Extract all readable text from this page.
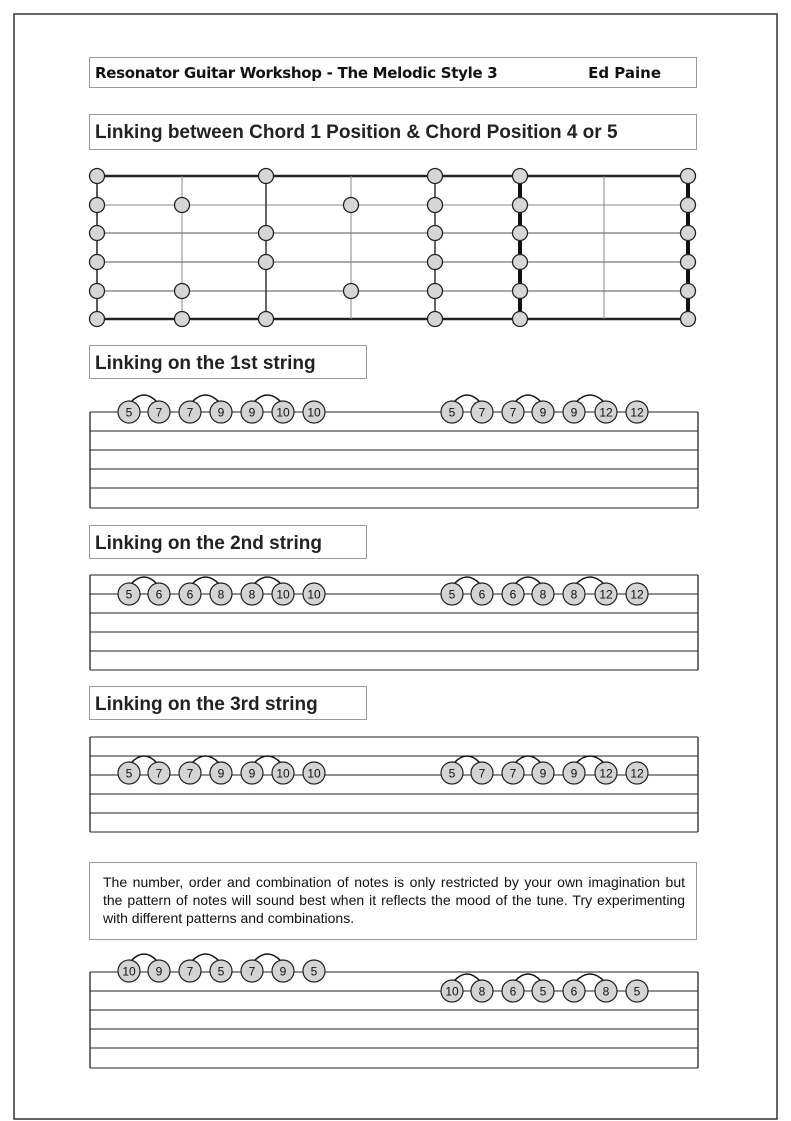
5 7 7 9 9 10 10	5 7 7 9 9 12 12
5 6 6 8 8 10 10	5 6 6 8 8 12 12
5 7 7 9 9 10 10	5 7 7 9 9 12 12
10 9 7 5 7 9 5
10 8 6 5 6 8 5
Resonator Guitar Workshop - The Melodic Style 3	Ed Paine
Linking between Chord 1 Position & Chord Position 4 or 5
Linking on the 1st string
Linking on the 2nd string
Linking on the 3rd string
The number, order and combination of notes is only restricted by your own imagination but the pattern of notes will sound best when it reflects the mood of the tune. Try experimenting with different patterns and combinations.
